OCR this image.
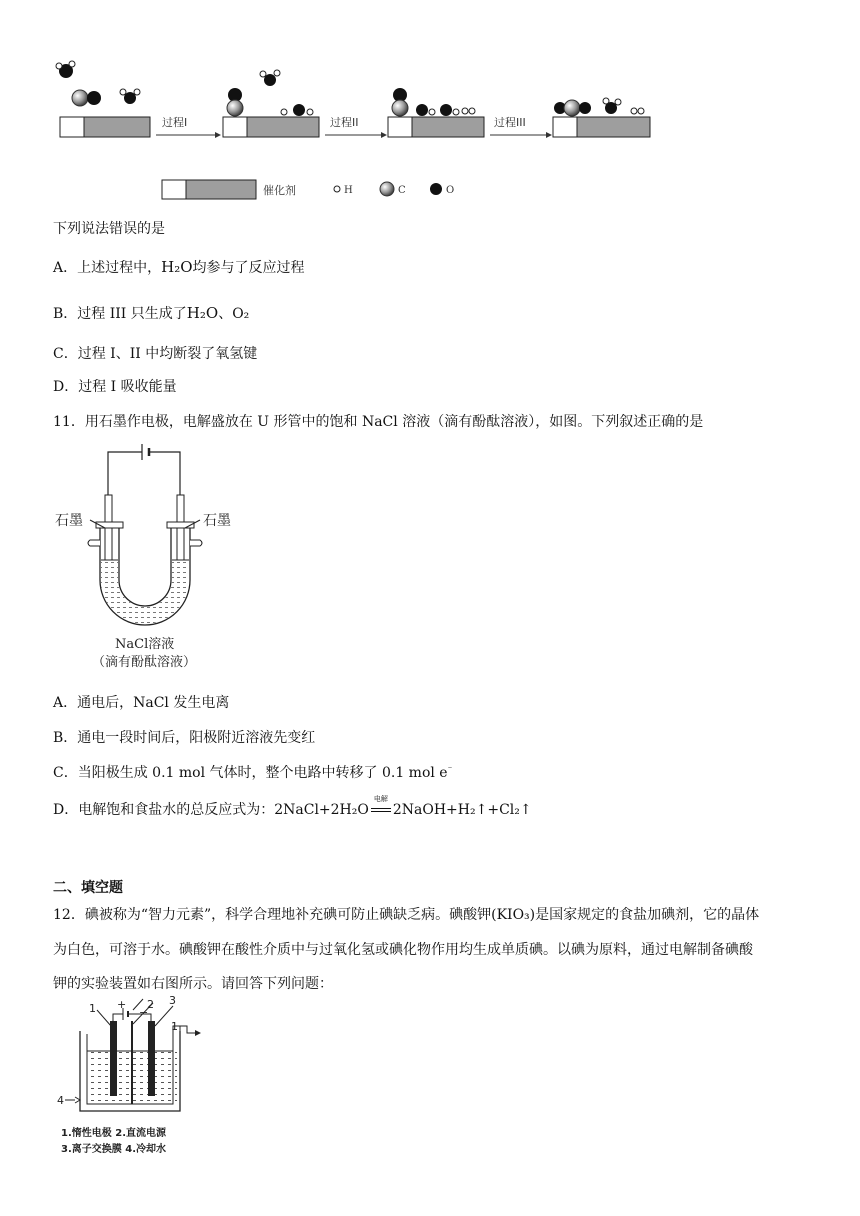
过程I	过程II	过程III
催化剂	H	C	O
下列说法错误的是
A．上述过程中，H₂O均参与了反应过程
B．过程 III 只生成了H₂O、O₂
C．过程 I、II 中均断裂了氧氢键
D．过程 I 吸收能量
11．用石墨作电极，电解盛放在 U 形管中的饱和 NaCl 溶液（滴有酚酞溶液），如图。下列叙述正确的是
石墨	石墨
NaCl溶液
（滴有酚酞溶液）
A．通电后，NaCl 发生电离
B．通电一段时间后，阳极附近溶液先变红
C．当阳极生成 0.1 mol 气体时，整个电路中转移了 0.1 mol e⁻
D．电解饱和食盐水的总反应式为：2NaCl+2H₂O
电解
2NaOH+H₂↑+Cl₂↑
二、填空题
12．碘被称为“智力元素”，科学合理地补充碘可防止碘缺乏病。碘酸钾(KIO₃)是国家规定的食盐加碘剂，它的晶体
为白色，可溶于水。碘酸钾在酸性介质中与过氧化氢或碘化物作用均生成单质碘。以碘为原料，通过电解制备碘酸
钾的实验装置如右图所示。请回答下列问题：
1 + 2
−
3
1
4
1.惰性电极 2.直流电源
3.离子交换膜 4.冷却水
